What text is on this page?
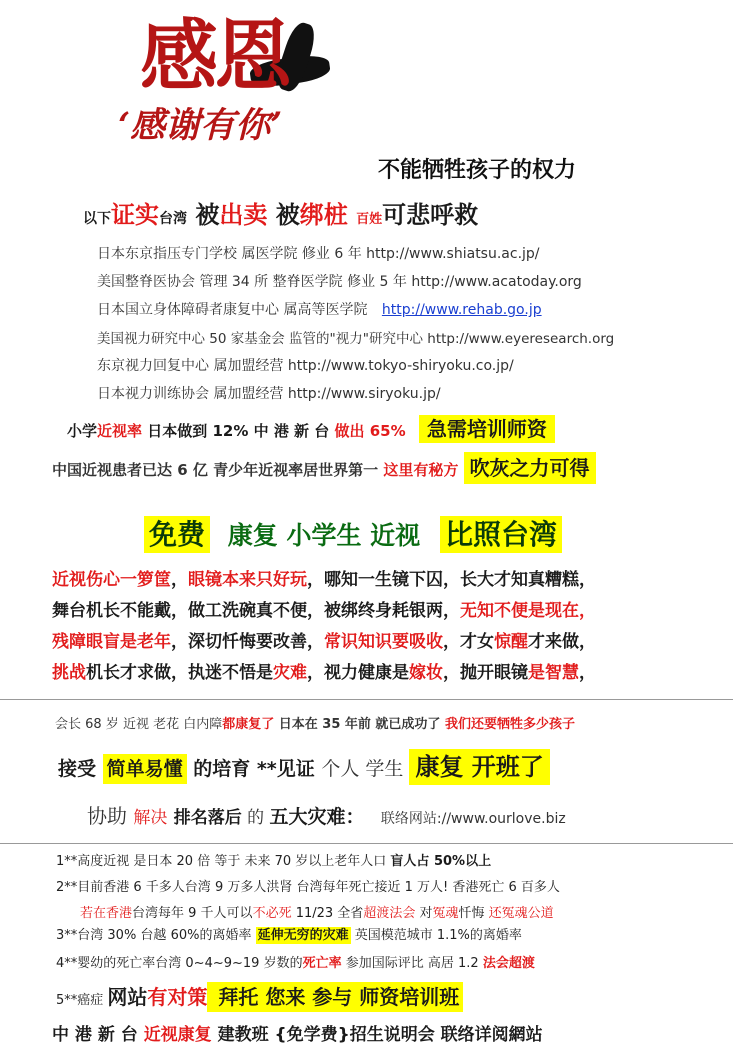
感恩
‘感谢有你’
不能牺牲孩子的权力
以下证实台湾 被出卖 被绑桩 百姓可悲呼救
日本东京指压专门学校 属医学院 修业 6 年 http://www.shiatsu.ac.jp/
美国整脊医协会 管理 34 所 整脊医学院 修业 5 年 http://www.acatoday.org
日本国立身体障碍者康复中心 属高等医学院 http://www.rehab.go.jp
美国视力研究中心 50 家基金会 监管的"视力"研究中心 http://www.eyeresearch.org
东京视力回复中心 属加盟经营 http://www.tokyo-shiryoku.co.jp/
日本视力训练协会 属加盟经营 http://www.siryoku.jp/
小学近视率 日本做到 12% 中 港 新 台 做出 65% 急需培训师资
中国近视患者已达 6 亿 青少年近视率居世界第一 这里有秘方 吹灰之力可得
免费 康复 小学生 近视 比照台湾
近视伤心一箩筐，眼镜本来只好玩，哪知一生镜下囚，长大才知真糟糕，
舞台机长不能戴，做工洗碗真不便，被绑终身耗银两，无知不便是现在，
残障眼盲是老年，深切忏悔要改善，常识知识要吸收，才女惊醒才来做，
挑战机长才求做，执迷不悟是灾难，视力健康是嫁妆，抛开眼镜是智慧，
会长 68 岁 近视 老花 白内障都康复了 日本在 35 年前 就已成功了 我们还要牺牲多少孩子
接受 简单易懂 的培育 **见证 个人 学生 康复 开班了
协助 解决 排名落后 的 五大灾难： 联络网站://www.ourlove.biz
1**高度近视 是日本 20 倍 等于 未来 70 岁以上老年人口 盲人占 50%以上
2**目前香港 6 千多人台湾 9 万多人洪肾 台湾每年死亡接近 1 万人! 香港死亡 6 百多人
若在香港台湾每年 9 千人可以不必死 11/23 全省超渡法会 对冤魂忏悔 还冤魂公道
3**台湾 30% 台越 60%的离婚率 延伸无穷的灾难 英国模范城市 1.1%的离婚率
4**婴幼的死亡率台湾 0~4~9~19 岁数的死亡率 参加国际评比 高居 1.2 法会超渡
5**癌症 网站有对策 拜托 您来 参与 师资培训班
中 港 新 台 近视康复 建教班 {免学费}招生说明会 联络详阅網站
